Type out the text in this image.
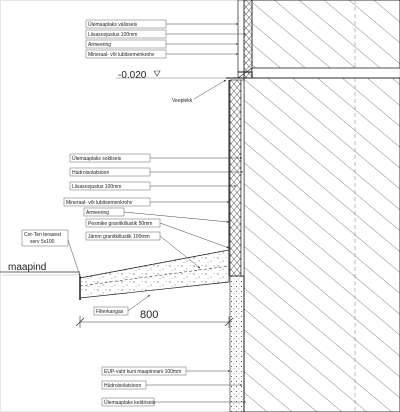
800
-0.020
Ülemaaplaks välisseis
Liisasoojustus 100mm
Armeering
Mineraal- või lubitsemenkrohv
Veeplekk
Ülemaaplaks sokliseis
Hüdroisolatsioon
Liisasoojustus 100mm
Mineraal- või lubitsemenkrohv
Armeering
Pesmike granitkillustik 50mm
Jämm granitkillustik 100mm
Cor-Ten terasest
serv 5x100
maapind
Filterkangas
EUP-vaht kuni maapinnani 100mm
Hüdroisolatsioon
Ülemaaplaks keldriseis
